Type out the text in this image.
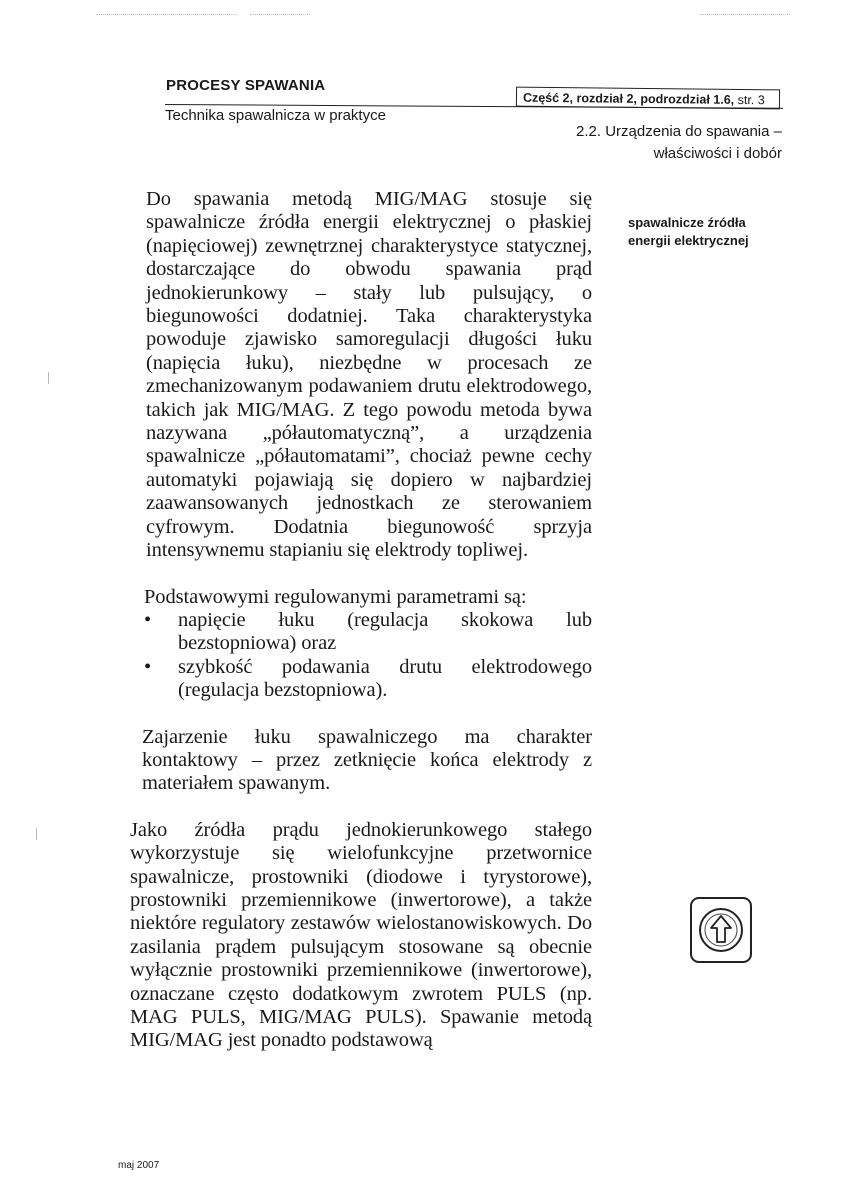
PROCESY SPAWANIA
Technika spawalnicza w praktyce
Część 2, rozdział 2, podrozdział 1.6, str. 3
2.2. Urządzenia do spawania –
właściwości i dobór
spawalnicze źródła energii elektrycznej

Do spawania metodą MIG/MAG stosuje się spawalnicze źródła energii elektrycznej o płaskiej (napięciowej) zewnętrznej charakterystyce statycznej, dostarczające do obwodu spawania prąd jednokierunkowy – stały lub pulsujący, o biegunowości dodatniej. Taka charakterystyka powoduje zjawisko samoregulacji długości łuku (napięcia łuku), niezbędne w procesach ze zmechanizowanym podawaniem drutu elektrodowego, takich jak MIG/MAG. Z tego powodu metoda bywa nazywana „półautomatyczną”, a urządzenia spawalnicze „półautomatami”, chociaż pewne cechy automatyki pojawiają się dopiero w najbardziej zaawansowanych jednostkach ze sterowaniem cyfrowym. Dodatnia biegunowość sprzyja intensywnemu stapianiu się elektrody topliwej.

Podstawowymi regulowanymi parametrami są:

• napięcie łuku (regulacja skokowa lub bezstopniowa) oraz
• szybkość podawania drutu elektrodowego (regulacja bezstopniowa).

Zajarzenie łuku spawalniczego ma charakter kontaktowy – przez zetknięcie końca elektrody z materiałem spawanym.

Jako źródła prądu jednokierunkowego stałego wykorzystuje się wielofunkcyjne przetwornice spawalnicze, prostowniki (diodowe i tyrystorowe), prostowniki przemiennikowe (inwertorowe), a także niektóre regulatory zestawów wielostanowiskowych. Do zasilania prądem pulsującym stosowane są obecnie wyłącznie prostowniki przemiennikowe (inwertorowe), oznaczane często dodatkowym zwrotem PULS (np. MAG PULS, MIG/MAG PULS). Spawanie metodą MIG/MAG jest ponadto podstawową

maj 2007
